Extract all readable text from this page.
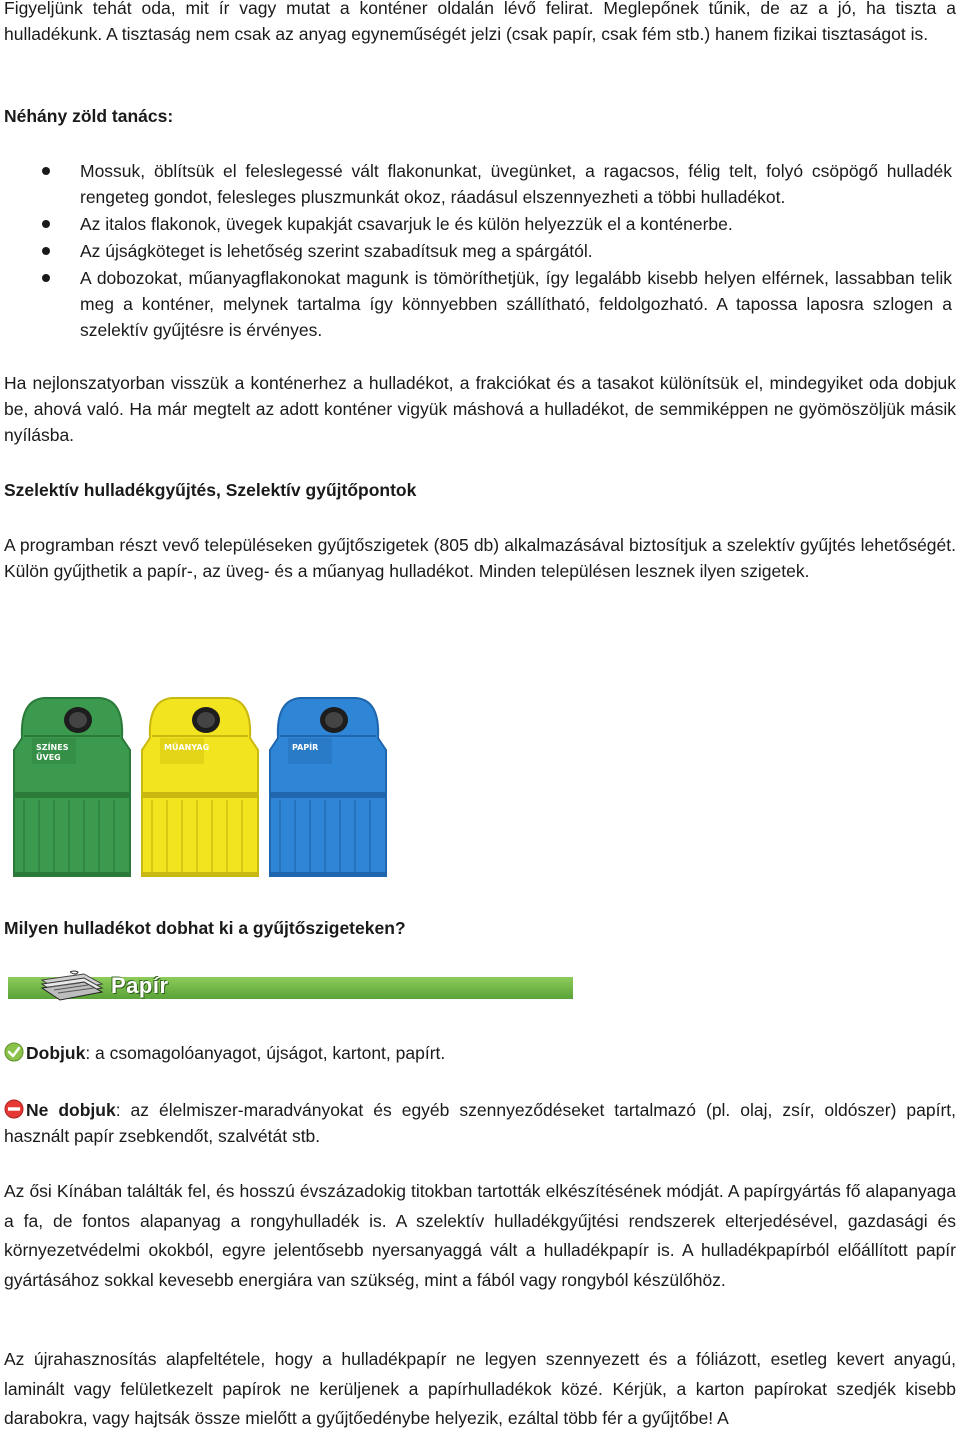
Figyeljünk tehát oda, mit ír vagy mutat a konténer oldalán lévő felirat. Meglepőnek tűnik, de az a jó, ha tiszta a hulladékunk. A tisztaság nem csak az anyag egyneműségét jelzi (csak papír, csak fém stb.) hanem fizikai tisztaságot is.

Néhány zöld tanács:
Mossuk, öblítsük el feleslegessé vált flakonunkat, üvegünket, a ragacsos, félig telt, folyó csöpögő hulladék rengeteg gondot, felesleges pluszmunkát okoz, ráadásul elszennyezheti a többi hulladékot.
Az italos flakonok, üvegek kupakját csavarjuk le és külön helyezzük el a konténerbe.
Az újságköteget is lehetőség szerint szabadítsuk meg a spárgától.
A dobozokat, műanyagflakonokat magunk is tömöríthetjük, így legalább kisebb helyen elférnek, lassabban telik meg a konténer, melynek tartalma így könnyebben szállítható, feldolgozható. A tapossa laposra szlogen a szelektív gyűjtésre is érvényes.

Ha nejlonszatyorban visszük a konténerhez a hulladékot, a frakciókat és a tasakot különítsük el, mindegyiket oda dobjuk be, ahová való. Ha már megtelt az adott konténer vigyük máshová a hulladékot, de semmiképpen ne gyömöszöljük másik nyílásba.

Szelektív hulladékgyűjtés, Szelektív gyűjtőpontok

A programban részt vevő településeken gyűjtőszigetek (805 db) alkalmazásával biztosítjuk a szelektív gyűjtés lehetőségét. Külön gyűjthetik a papír-, az üveg- és a műanyag hulladékot. Minden településen lesznek ilyen szigetek.

SZÍNES
ÜVEG
MŰANYAG	PAPÍR
Milyen hulladékot dobhat ki a gyűjtőszigeteken?
Papír

Dobjuk: a csomagolóanyagot, újságot, kartont, papírt.

Ne dobjuk: az élelmiszer-maradványokat és egyéb szennyeződéseket tartalmazó (pl. olaj, zsír, oldószer) papírt, használt papír zsebkendőt, szalvétát stb.

Az ősi Kínában találták fel, és hosszú évszázadokig titokban tartották elkészítésének módját. A papírgyártás fő alapanyaga a fa, de fontos alapanyag a rongyhulladék is. A szelektív hulladékgyűjtési rendszerek elterjedésével, gazdasági és környezetvédelmi okokból, egyre jelentősebb nyersanyaggá vált a hulladékpapír is. A hulladékpapírból előállított papír gyártásához sokkal kevesebb energiára van szükség, mint a fából vagy rongyból készülőhöz.

Az újrahasznosítás alapfeltétele, hogy a hulladékpapír ne legyen szennyezett és a fóliázott, esetleg kevert anyagú, laminált vagy felületkezelt papírok ne kerüljenek a papírhulladékok közé. Kérjük, a karton papírokat szedjék kisebb darabokra, vagy hajtsák össze mielőtt a gyűjtőedénybe helyezik, ezáltal több fér a gyűjtőbe! A
